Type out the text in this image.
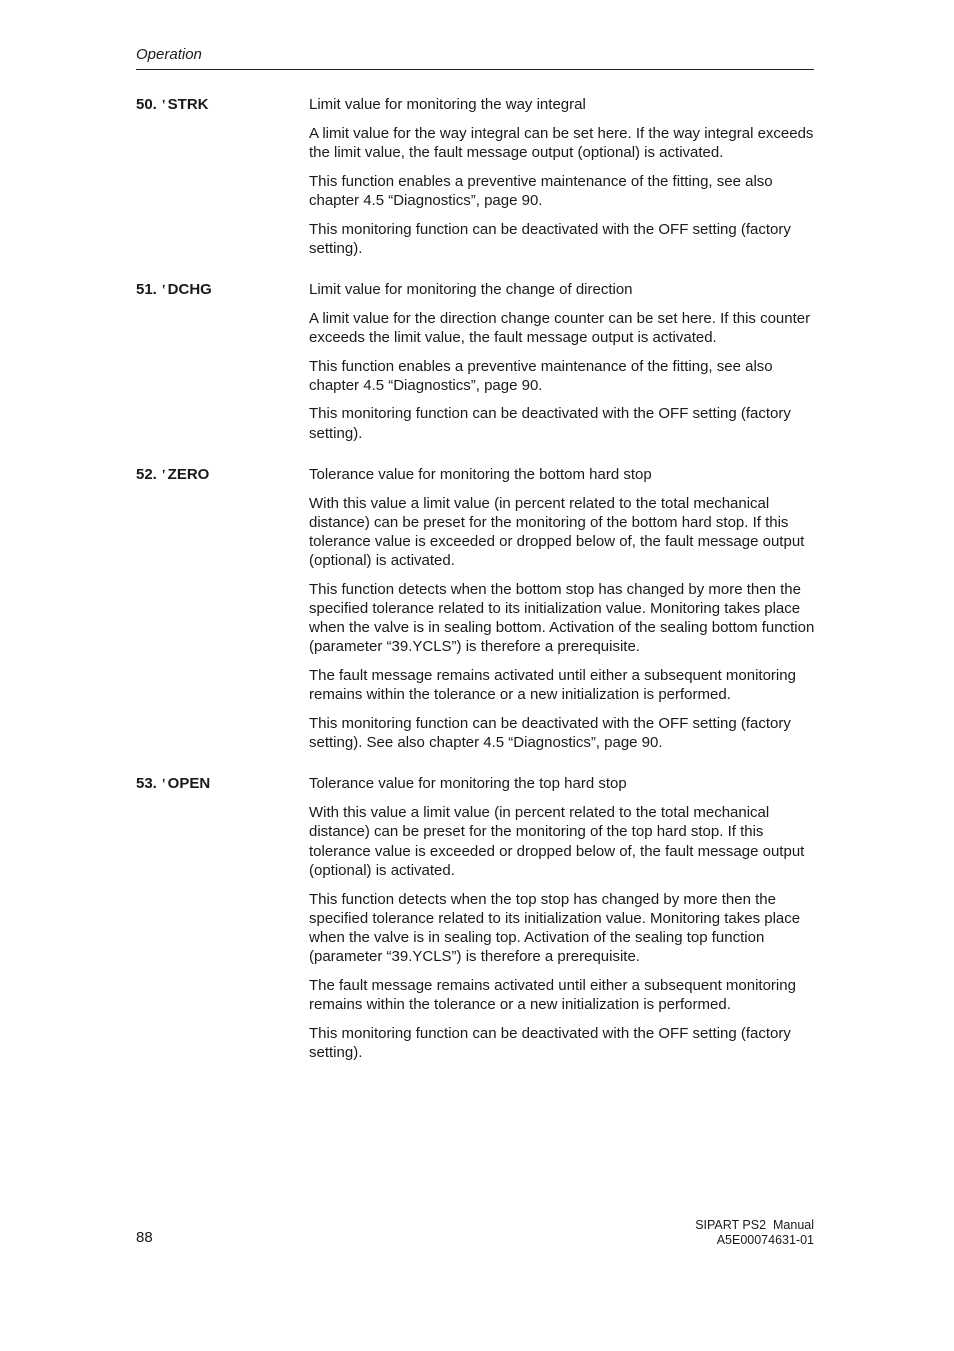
Operation
50. ʽ STRK	Limit value for monitoring the way integral

A limit value for the way integral can be set here. If the way integral exceeds the limit value, the fault message output (optional) is activated.

This function enables a preventive maintenance of the fitting, see also chapter 4.5 “Diagnostics”, page 90.

This monitoring function can be deactivated with the OFF setting (factory setting).

51. ʽ DCHG	Limit value for monitoring the change of direction

A limit value for the direction change counter can be set here. If this counter exceeds the limit value, the fault message output is activated.

This function enables a preventive maintenance of the fitting, see also chapter 4.5 “Diagnostics”, page 90.

This monitoring function can be deactivated with the OFF setting (factory setting).

52. ʽ ZERO	Tolerance value for monitoring the bottom hard stop

With this value a limit value (in percent related to the total mechanical distance) can be preset for the monitoring of the bottom hard stop. If this tolerance value is exceeded or dropped below of, the fault message output (optional) is activated.

This function detects when the bottom stop has changed by more then the specified tolerance related to its initialization value. Monitoring takes place when the valve is in sealing bottom. Activation of the sealing bottom function (parameter “39.YCLS”) is therefore a prerequisite.

The fault message remains activated until either a subsequent monitoring remains within the tolerance or a new initialization is performed.

This monitoring function can be deactivated with the OFF setting (factory setting). See also chapter 4.5 “Diagnostics”, page 90.

53. ʽ OPEN	Tolerance value for monitoring the top hard stop

With this value a limit value (in percent related to the total mechanical distance) can be preset for the monitoring of the top hard stop. If this tolerance value is exceeded or dropped below of, the fault message output (optional) is activated.

This function detects when the top stop has changed by more then the specified tolerance related to its initialization value. Monitoring takes place when the valve is in sealing top. Activation of the sealing top function (parameter “39.YCLS”) is therefore a prerequisite.

The fault message remains activated until either a subsequent monitoring remains within the tolerance or a new initialization is performed.

This monitoring function can be deactivated with the OFF setting (factory setting).

88
SIPART PS2  Manual
A5E00074631-01
